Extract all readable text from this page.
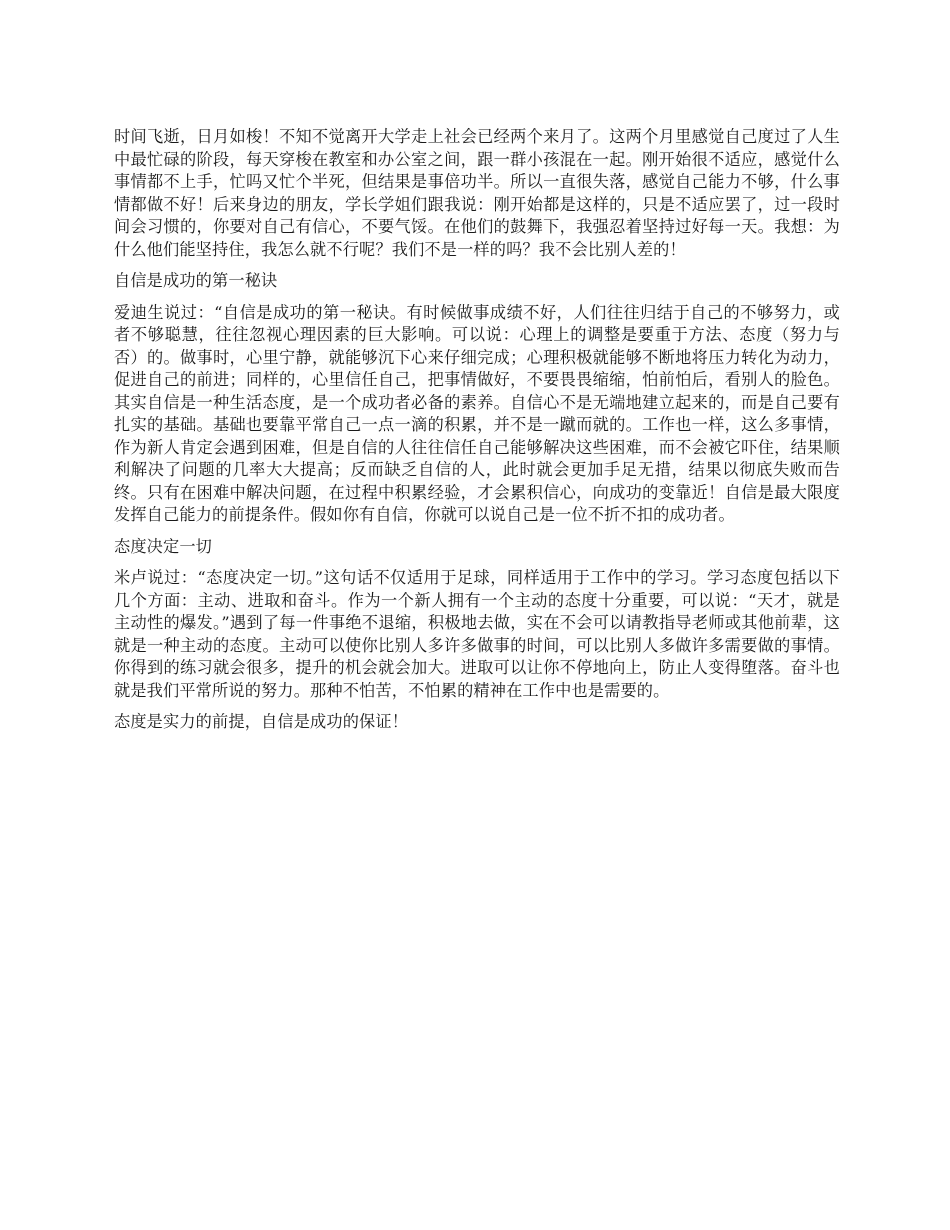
时间飞逝，日月如梭！不知不觉离开大学走上社会已经两个来月了。这两个月里感觉自己度过了人生中最忙碌的阶段，每天穿梭在教室和办公室之间，跟一群小孩混在一起。刚开始很不适应，感觉什么事情都不上手，忙吗又忙个半死，但结果是事倍功半。所以一直很失落，感觉自己能力不够，什么事情都做不好！后来身边的朋友，学长学姐们跟我说：刚开始都是这样的，只是不适应罢了，过一段时间会习惯的，你要对自己有信心，不要气馁。在他们的鼓舞下，我强忍着坚持过好每一天。我想：为什么他们能坚持住，我怎么就不行呢？我们不是一样的吗？我不会比别人差的！

自信是成功的第一秘诀

爱迪生说过：“自信是成功的第一秘诀。有时候做事成绩不好，人们往往归结于自己的不够努力，或者不够聪慧，往往忽视心理因素的巨大影响。可以说：心理上的调整是要重于方法、态度（努力与否）的。做事时，心里宁静，就能够沉下心来仔细完成；心理积极就能够不断地将压力转化为动力，促进自己的前进；同样的，心里信任自己，把事情做好，不要畏畏缩缩，怕前怕后，看别人的脸色。其实自信是一种生活态度，是一个成功者必备的素养。自信心不是无端地建立起来的，而是自己要有扎实的基础。基础也要靠平常自己一点一滴的积累，并不是一蹴而就的。工作也一样，这么多事情，作为新人肯定会遇到困难，但是自信的人往往信任自己能够解决这些困难，而不会被它吓住，结果顺利解决了问题的几率大大提高；反而缺乏自信的人，此时就会更加手足无措，结果以彻底失败而告终。只有在困难中解决问题，在过程中积累经验，才会累积信心，向成功的变靠近！自信是最大限度发挥自己能力的前提条件。假如你有自信，你就可以说自己是一位不折不扣的成功者。

态度决定一切

米卢说过：“态度决定一切。”这句话不仅适用于足球，同样适用于工作中的学习。学习态度包括以下几个方面：主动、进取和奋斗。作为一个新人拥有一个主动的态度十分重要，可以说：“天才，就是主动性的爆发。”遇到了每一件事绝不退缩，积极地去做，实在不会可以请教指导老师或其他前辈，这就是一种主动的态度。主动可以使你比别人多许多做事的时间，可以比别人多做许多需要做的事情。你得到的练习就会很多，提升的机会就会加大。进取可以让你不停地向上，防止人变得堕落。奋斗也就是我们平常所说的努力。那种不怕苦，不怕累的精神在工作中也是需要的。

态度是实力的前提，自信是成功的保证！
